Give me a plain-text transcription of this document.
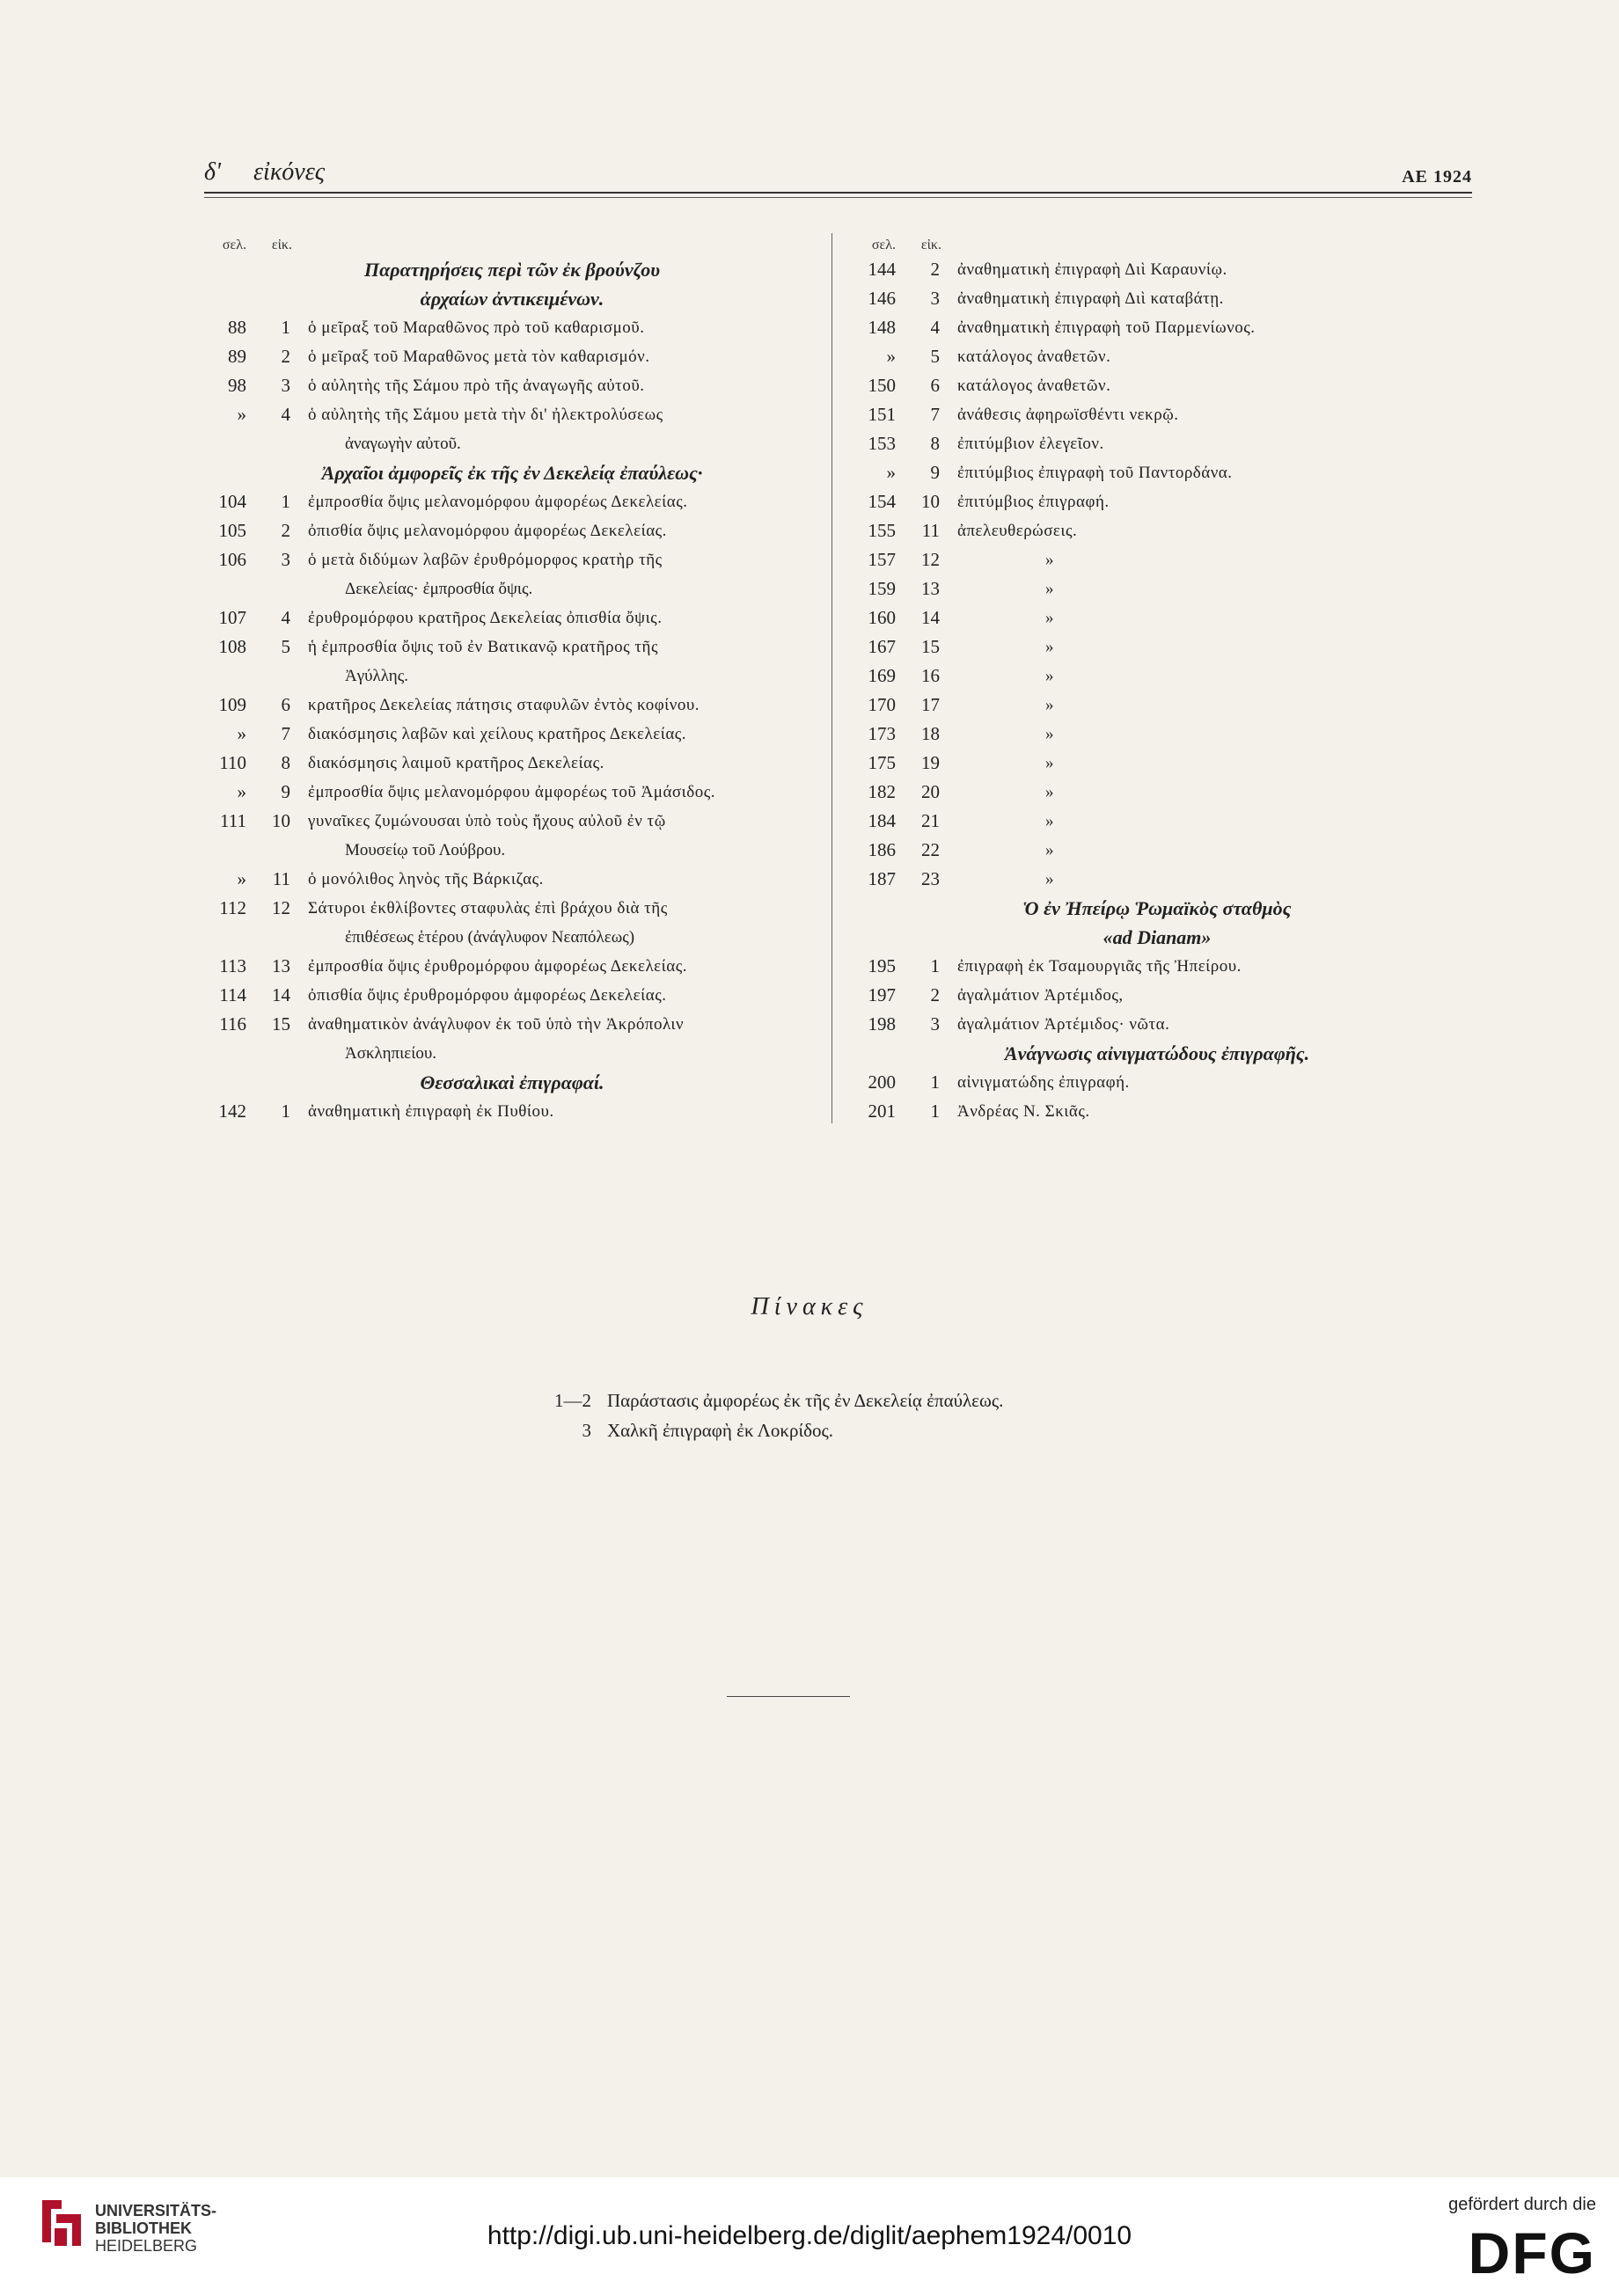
δ' εἰκόνες	ΑΕ 1924
σελ. εἰκ.
Παρατηρήσεις περὶ τῶν ἐκ βρούνζου
ἀρχαίων ἀντικειμένων.
88	1	ὁ μεῖραξ τοῦ Μαραθῶνος πρὸ τοῦ καθαρισμοῦ.
89	2	ὁ μεῖραξ τοῦ Μαραθῶνος μετὰ τὸν καθαρισμόν.
98	3	ὁ αὐλητὴς τῆς Σάμου πρὸ τῆς ἀναγωγῆς αὐτοῦ.
»	4	ὁ αὐλητὴς τῆς Σάμου μετὰ τὴν δι' ἠλεκτρολύσεως
ἀναγωγὴν αὐτοῦ.
Ἀρχαῖοι ἀμφορεῖς ἐκ τῆς ἐν Δεκελείᾳ ἐπαύλεως·
104	1	ἐμπροσθία ὄψις μελανομόρφου ἀμφορέως Δεκελείας.
105	2	ὀπισθία ὄψις μελανομόρφου ἀμφορέως Δεκελείας.
106	3	ὁ μετὰ διδύμων λαβῶν ἐρυθρόμορφος κρατὴρ τῆς
Δεκελείας· ἐμπροσθία ὄψις.
107	4	ἐρυθρομόρφου κρατῆρος Δεκελείας ὀπισθία ὄψις.
108	5	ἡ ἐμπροσθία ὄψις τοῦ ἐν Βατικανῷ κρατῆρος τῆς
Ἀγύλλης.
109	6	κρατῆρος Δεκελείας πάτησις σταφυλῶν ἐντὸς κοφίνου.
»	7	διακόσμησις λαβῶν καὶ χείλους κρατῆρος Δεκελείας.
110	8	διακόσμησις λαιμοῦ κρατῆρος Δεκελείας.
»	9	ἐμπροσθία ὄψις μελανομόρφου ἀμφορέως τοῦ Ἀμάσιδος.
111	10	γυναῖκες ζυμώνουσαι ὑπὸ τοὺς ἤχους αὐλοῦ ἐν τῷ
Μουσείῳ τοῦ Λούβρου.
»	11	ὁ μονόλιθος ληνὸς τῆς Βάρκιζας.
112	12	Σάτυροι ἐκθλίβοντες σταφυλὰς ἐπὶ βράχου διὰ τῆς
ἐπιθέσεως ἑτέρου (ἀνάγλυφον Νεαπόλεως)
113	13	ἐμπροσθία ὄψις ἐρυθρομόρφου ἀμφορέως Δεκελείας.
114	14	ὀπισθία ὄψις ἐρυθρομόρφου ἀμφορέως Δεκελείας.
116	15	ἀναθηματικὸν ἀνάγλυφον ἐκ τοῦ ὑπὸ τὴν Ἀκρόπολιν
Ἀσκληπιείου.
Θεσσαλικαὶ ἐπιγραφαί.
142	1	ἀναθηματικὴ ἐπιγραφὴ ἐκ Πυθίου.
σελ. εἰκ.
144	2	ἀναθηματικὴ ἐπιγραφὴ Διὶ Καραυνίῳ.
146	3	ἀναθηματικὴ ἐπιγραφὴ Διὶ καταβάτῃ.
148	4	ἀναθηματικὴ ἐπιγραφὴ τοῦ Παρμενίωνος.
»	5	κατάλογος ἀναθετῶν.
150	6	κατάλογος ἀναθετῶν.
151	7	ἀνάθεσις ἀφηρωϊσθέντι νεκρῷ.
153	8	ἐπιτύμβιον ἐλεγεῖον.
»	9	ἐπιτύμβιος ἐπιγραφὴ τοῦ Παντορδάνα.
154	10	ἐπιτύμβιος ἐπιγραφή.
155	11	ἀπελευθερώσεις.
157	12	»
159	13	»
160	14	»
167	15	»
169	16	»
170	17	»
173	18	»
175	19	»
182	20	»
184	21	»
186	22	»
187	23	»
Ὁ ἐν Ἠπείρῳ Ῥωμαϊκὸς σταθμὸς
«ad Dianam»
195	1	ἐπιγραφὴ ἐκ Τσαμουργιᾶς τῆς Ἠπείρου.
197	2	ἀγαλμάτιον Ἀρτέμιδος,
198	3	ἀγαλμάτιον Ἀρτέμιδος· νῶτα.
Ἀνάγνωσις αἰνιγματώδους ἐπιγραφῆς.
200	1	αἰνιγματώδης ἐπιγραφή.
201	1	Ἀνδρέας Ν. Σκιᾶς.
Πίνακες
1—2 Παράστασις ἀμφορέως ἐκ τῆς ἐν Δεκελείᾳ ἐπαύλεως.
3 Χαλκῆ ἐπιγραφὴ ἐκ Λοκρίδος.
UNIVERSITÄTS-
BIBLIOTHEK
HEIDELBERG	http://digi.ub.uni-heidelberg.de/diglit/aephem1924/0010
gefördert durch die
DFG
